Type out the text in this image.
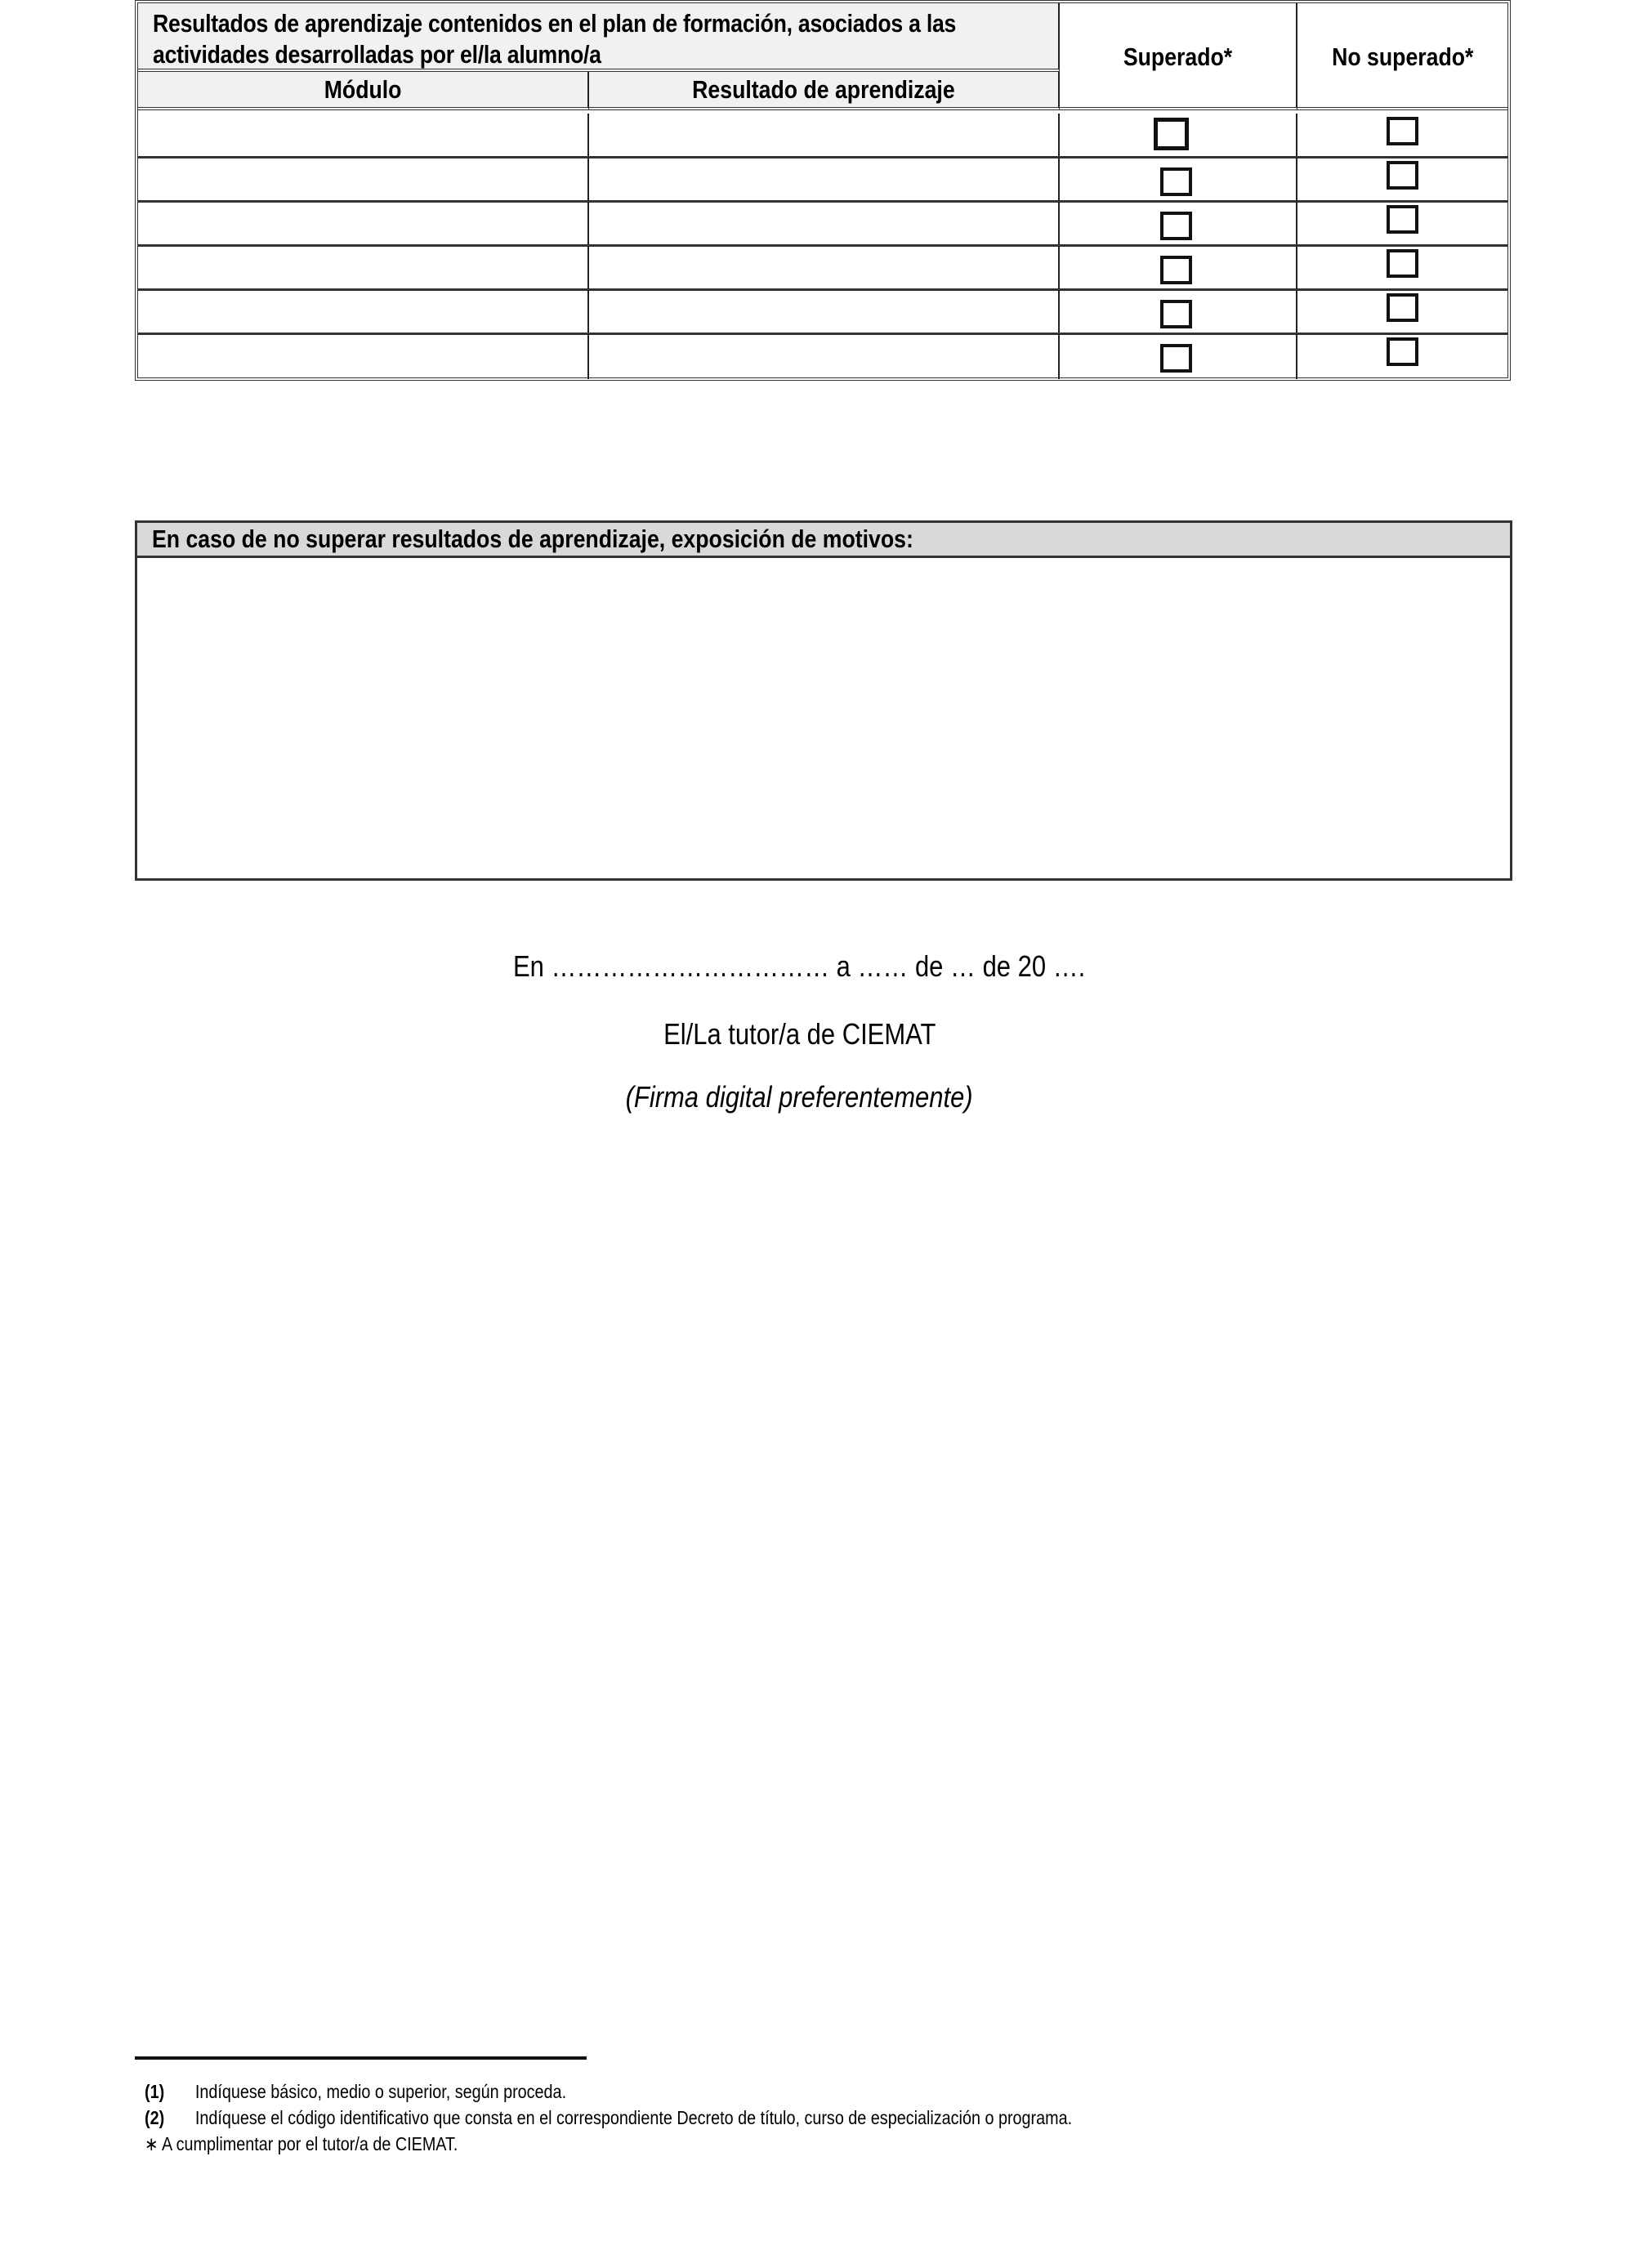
Resultados de aprendizaje contenidos en el plan de formación, asociados a las
actividades desarrolladas por el/la alumno/a
Módulo	Resultado de aprendizaje
Superado*	No superado*
En caso de no superar resultados de aprendizaje, exposición de motivos:
En …………………………… a …… de … de 20 ….
El/La tutor/a de CIEMAT
(Firma digital preferentemente)
(1) Indíquese básico, medio o superior, según proceda.
(2) Indíquese el código identificativo que consta en el correspondiente Decreto de título, curso de especialización o programa.
∗ A cumplimentar por el tutor/a de CIEMAT.
